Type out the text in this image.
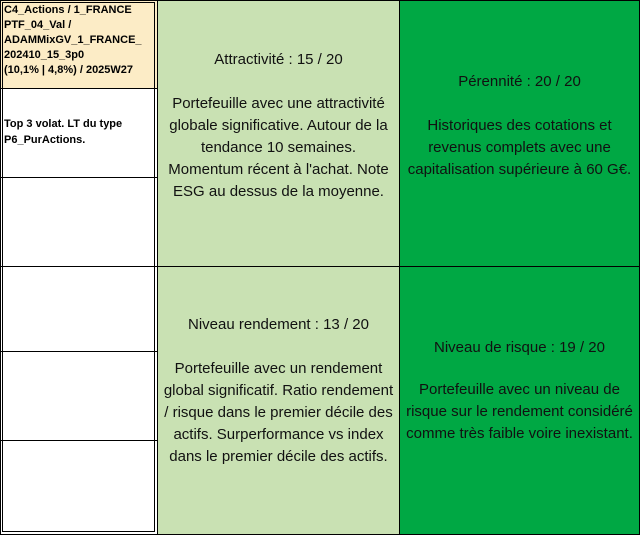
C4_Actions / 1_FRANCE
PTF_04_Val /
ADAMMixGV_1_FRANCE_
202410_15_3p0
(10,1% | 4,8%) / 2025W27
Top 3 volat. LT du type P6_PurActions.
Attractivité : 15 / 20
Portefeuille avec une attractivité globale significative. Autour de la tendance 10 semaines. Momentum récent à l'achat. Note ESG au dessus de la moyenne.
Pérennité : 20 / 20
Historiques des cotations et revenus complets avec une capitalisation supérieure à 60 G€.
Niveau rendement : 13 / 20
Portefeuille avec un rendement global significatif. Ratio rendement / risque dans le premier décile des actifs. Surperformance vs index dans le premier décile des actifs.
Niveau de risque : 19 / 20
Portefeuille avec un niveau de risque sur le rendement considéré comme très faible voire inexistant.
